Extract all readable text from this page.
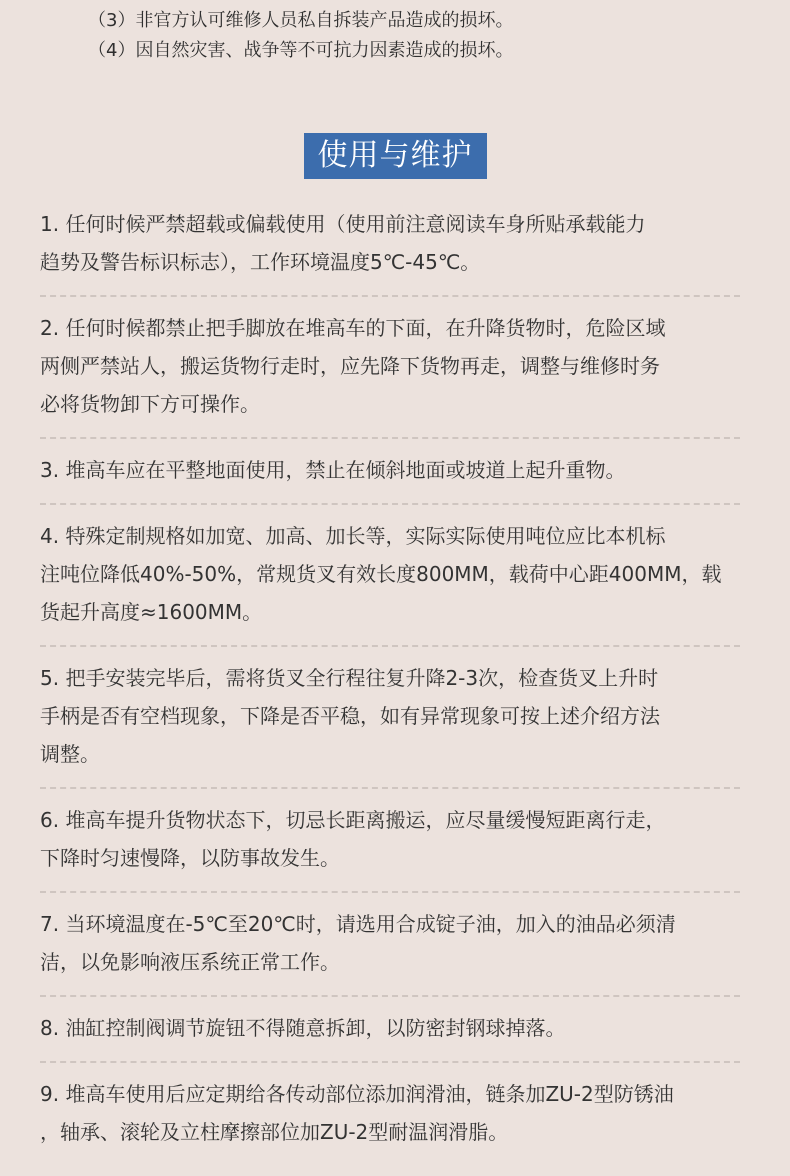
（3）非官方认可维修人员私自拆装产品造成的损坏。
（4）因自然灾害、战争等不可抗力因素造成的损坏。
使用与维护
1. 任何时候严禁超载或偏载使用（使用前注意阅读车身所贴承载能力
趋势及警告标识标志），工作环境温度5℃-45℃。
2. 任何时候都禁止把手脚放在堆高车的下面，在升降货物时，危险区域
两侧严禁站人，搬运货物行走时，应先降下货物再走，调整与维修时务
必将货物卸下方可操作。
3. 堆高车应在平整地面使用，禁止在倾斜地面或坡道上起升重物。
4. 特殊定制规格如加宽、加高、加长等，实际实际使用吨位应比本机标
注吨位降低40%-50%，常规货叉有效长度800MM，载荷中心距400MM，载
货起升高度≈1600MM。
5. 把手安装完毕后，需将货叉全行程往复升降2-3次，检查货叉上升时
手柄是否有空档现象，下降是否平稳，如有异常现象可按上述介绍方法
调整。
6. 堆高车提升货物状态下，切忌长距离搬运，应尽量缓慢短距离行走，
下降时匀速慢降，以防事故发生。
7. 当环境温度在-5℃至20℃时，请选用合成锭子油，加入的油品必须清
洁，以免影响液压系统正常工作。
8. 油缸控制阀调节旋钮不得随意拆卸，以防密封钢球掉落。
9. 堆高车使用后应定期给各传动部位添加润滑油，链条加ZU-2型防锈油
，轴承、滚轮及立柱摩擦部位加ZU-2型耐温润滑脂。
